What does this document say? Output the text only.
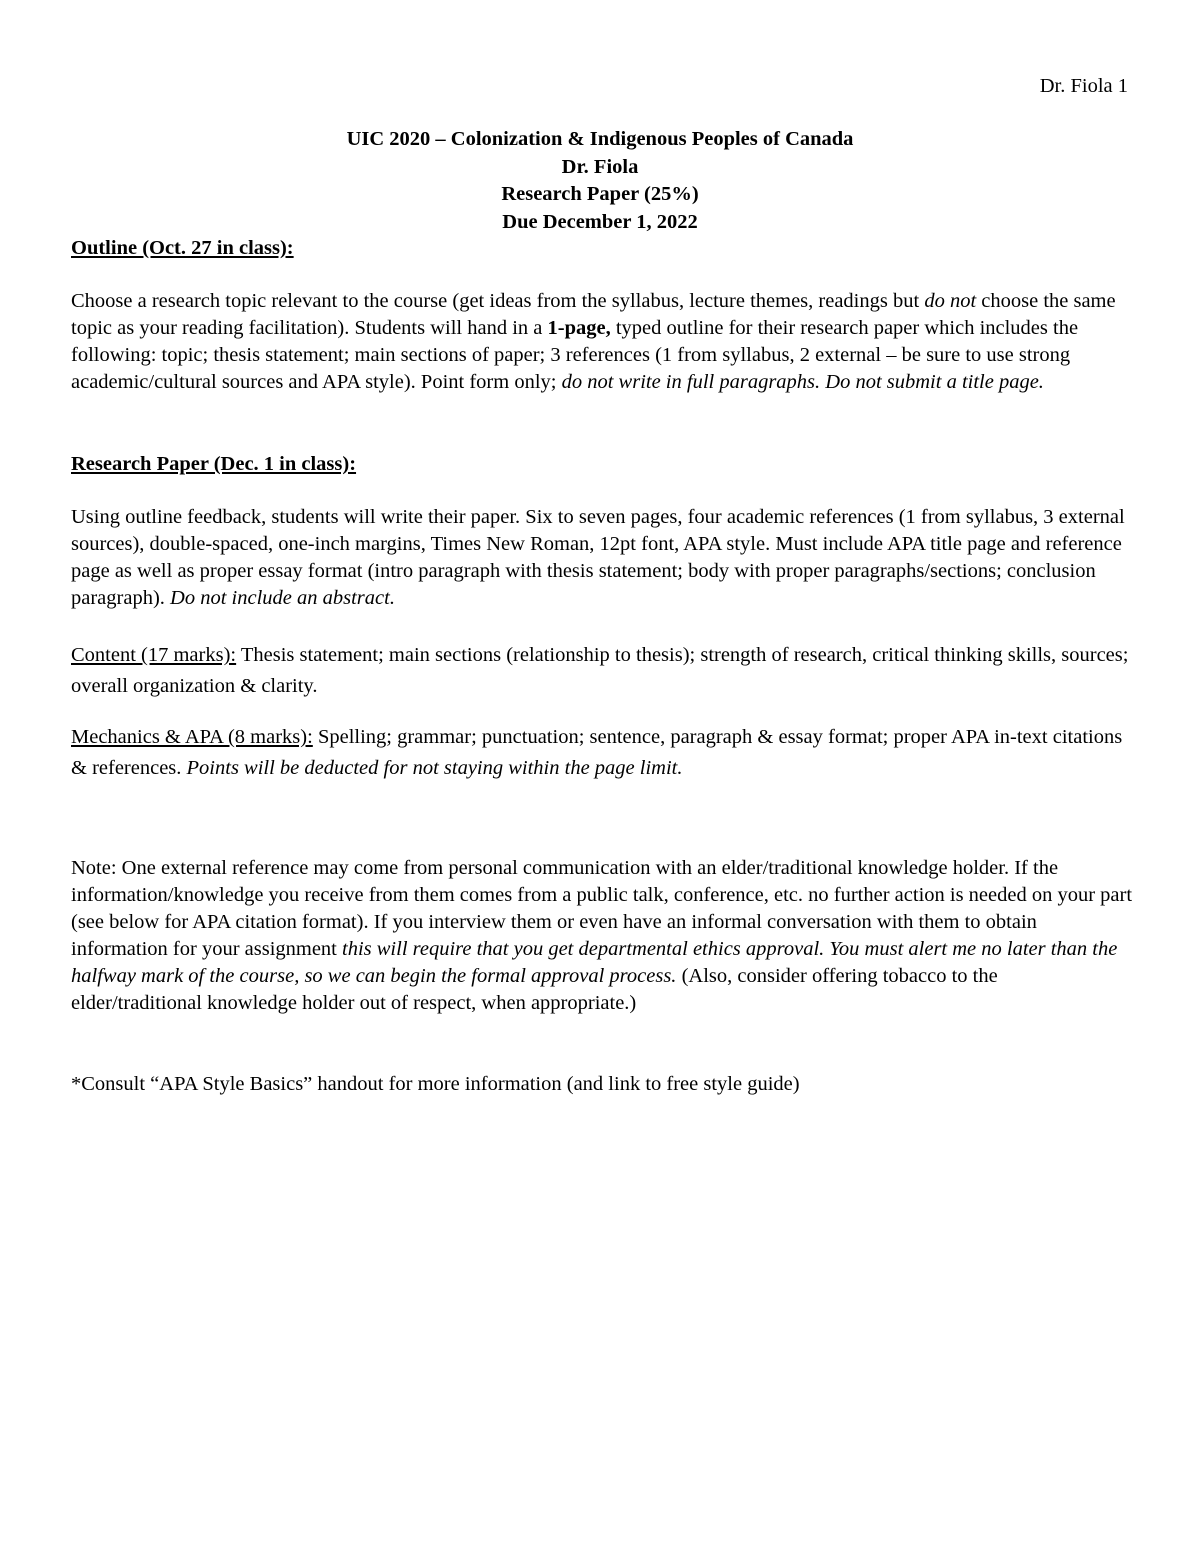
Dr. Fiola 1
UIC 2020 – Colonization & Indigenous Peoples of Canada
Dr. Fiola
Research Paper (25%)
Due December 1, 2022
Outline (Oct. 27 in class):

Choose a research topic relevant to the course (get ideas from the syllabus, lecture themes, readings but do not choose the same topic as your reading facilitation). Students will hand in a 1-page, typed outline for their research paper which includes the following: topic; thesis statement; main sections of paper; 3 references (1 from syllabus, 2 external – be sure to use strong academic/cultural sources and APA style). Point form only; do not write in full paragraphs. Do not submit a title page.

Research Paper (Dec. 1 in class):

Using outline feedback, students will write their paper. Six to seven pages, four academic references (1 from syllabus, 3 external sources), double-spaced, one-inch margins, Times New Roman, 12pt font, APA style. Must include APA title page and reference page as well as proper essay format (intro paragraph with thesis statement; body with proper paragraphs/sections; conclusion paragraph). Do not include an abstract.

Content (17 marks): Thesis statement; main sections (relationship to thesis); strength of research, critical thinking skills, sources; overall organization & clarity.

Mechanics & APA (8 marks): Spelling; grammar; punctuation; sentence, paragraph & essay format; proper APA in-text citations & references. Points will be deducted for not staying within the page limit.

Note: One external reference may come from personal communication with an elder/traditional knowledge holder. If the information/knowledge you receive from them comes from a public talk, conference, etc. no further action is needed on your part (see below for APA citation format). If you interview them or even have an informal conversation with them to obtain information for your assignment this will require that you get departmental ethics approval. You must alert me no later than the halfway mark of the course, so we can begin the formal approval process. (Also, consider offering tobacco to the elder/traditional knowledge holder out of respect, when appropriate.)

*Consult “APA Style Basics” handout for more information (and link to free style guide)
